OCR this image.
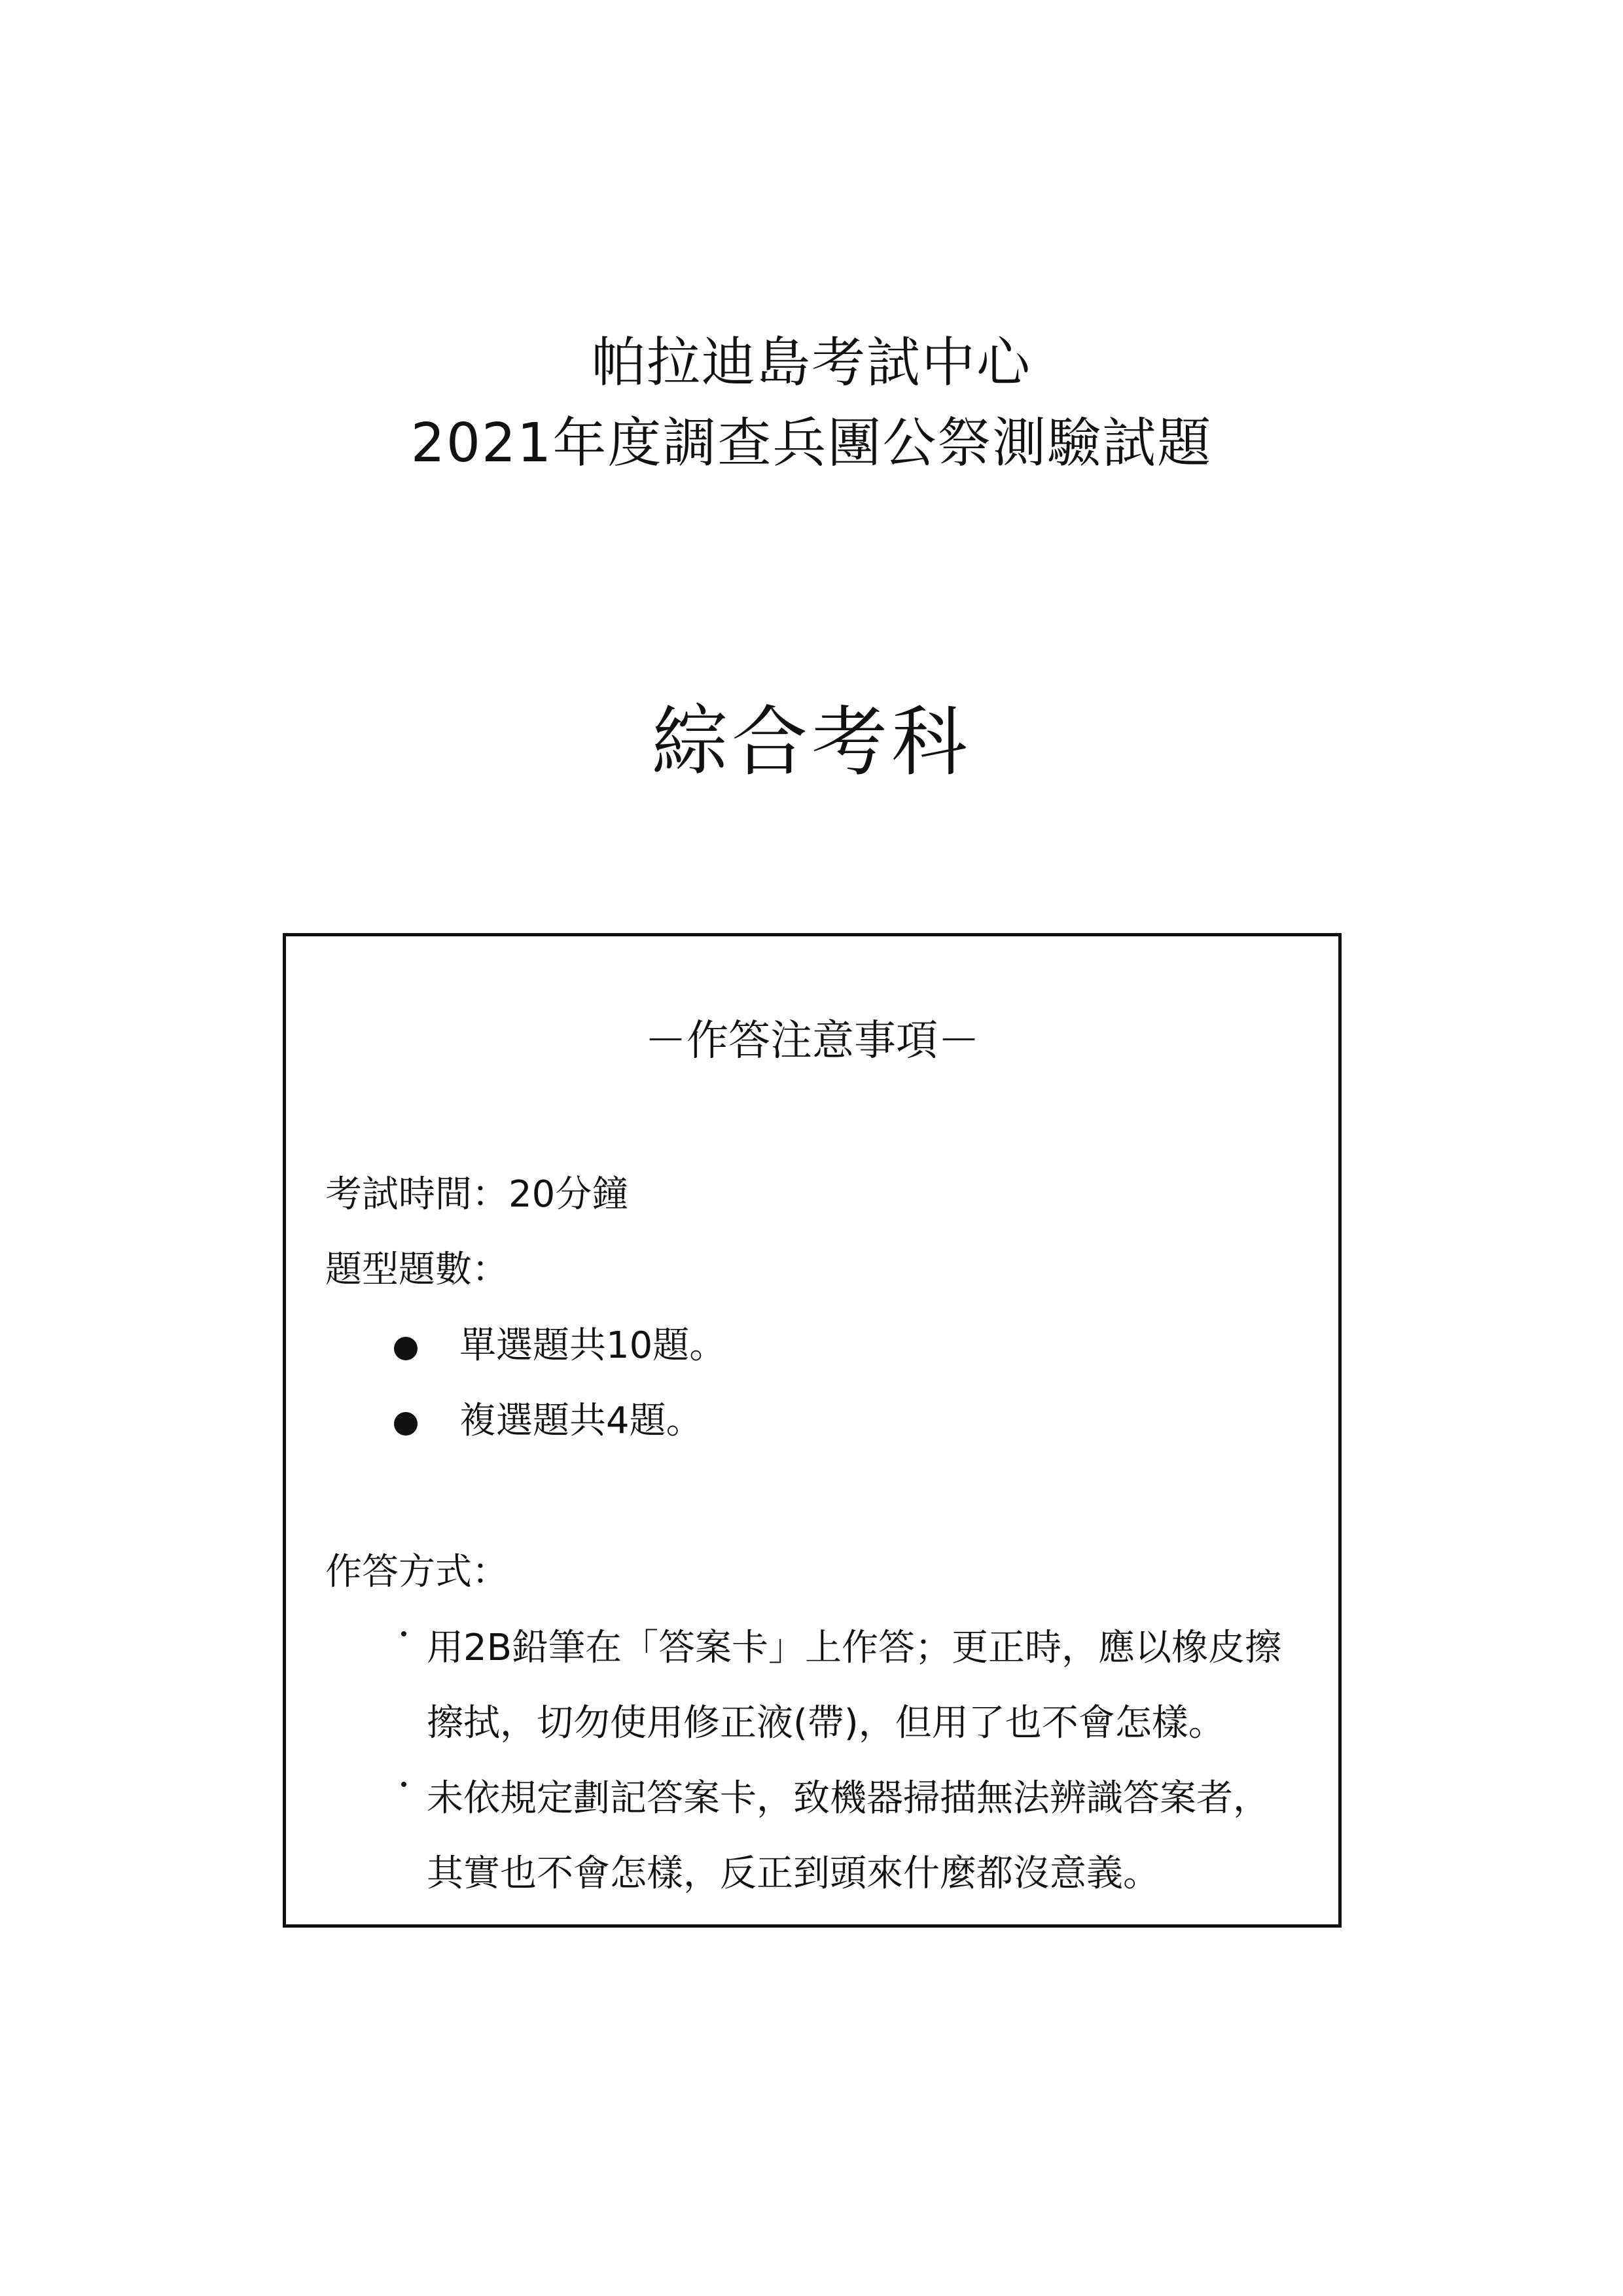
帕拉迪島考試中心
2021年度調查兵團公祭測驗試題
綜合考科
－作答注意事項－
考試時間：20分鐘
題型題數：
單選題共10題。
複選題共4題。
作答方式：
用2B鉛筆在「答案卡」上作答；更正時，應以橡皮擦
擦拭，切勿使用修正液(帶)，但用了也不會怎樣。
未依規定劃記答案卡，致機器掃描無法辨識答案者，
其實也不會怎樣，反正到頭來什麼都沒意義。
